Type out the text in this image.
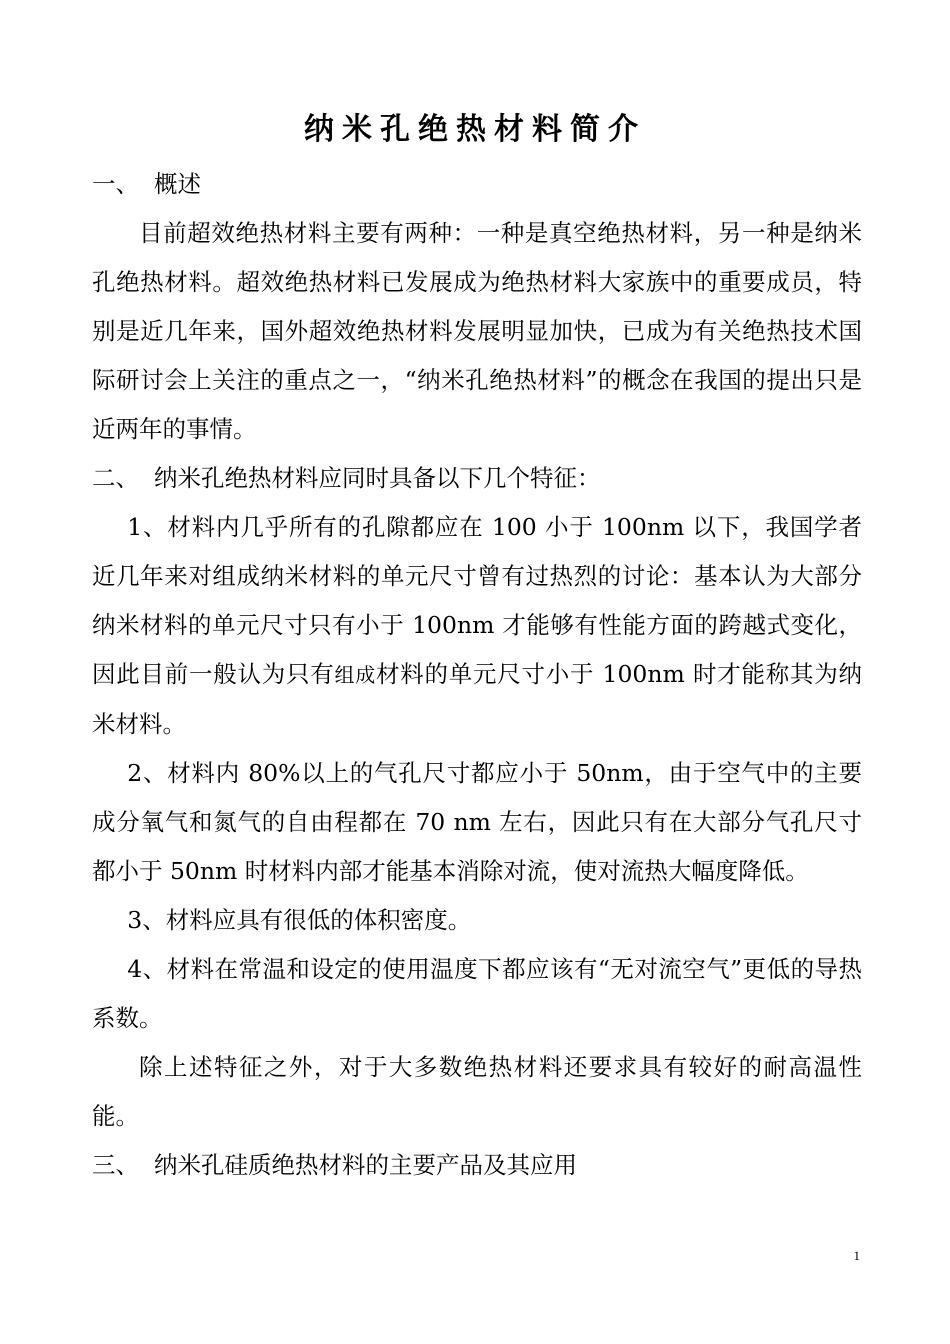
纳米孔绝热材料简介

一、 概述

目前超效绝热材料主要有两种：一种是真空绝热材料，另一种是纳米孔绝热材料。超效绝热材料已发展成为绝热材料大家族中的重要成员，特别是近几年来，国外超效绝热材料发展明显加快，已成为有关绝热技术国际研讨会上关注的重点之一，“纳米孔绝热材料”的概念在我国的提出只是近两年的事情。

二、 纳米孔绝热材料应同时具备以下几个特征：

1、材料内几乎所有的孔隙都应在 100 小于 100nm 以下，我国学者近几年来对组成纳米材料的单元尺寸曾有过热烈的讨论：基本认为大部分纳米材料的单元尺寸只有小于 100nm 才能够有性能方面的跨越式变化，因此目前一般认为只有组成材料的单元尺寸小于 100nm 时才能称其为纳米材料。

2、材料内 80%以上的气孔尺寸都应小于 50nm，由于空气中的主要成分氧气和氮气的自由程都在 70 nm 左右，因此只有在大部分气孔尺寸都小于 50nm 时材料内部才能基本消除对流，使对流热大幅度降低。

3、材料应具有很低的体积密度。

4、材料在常温和设定的使用温度下都应该有“无对流空气”更低的导热系数。

除上述特征之外，对于大多数绝热材料还要求具有较好的耐高温性能。

三、 纳米孔硅质绝热材料的主要产品及其应用

1
